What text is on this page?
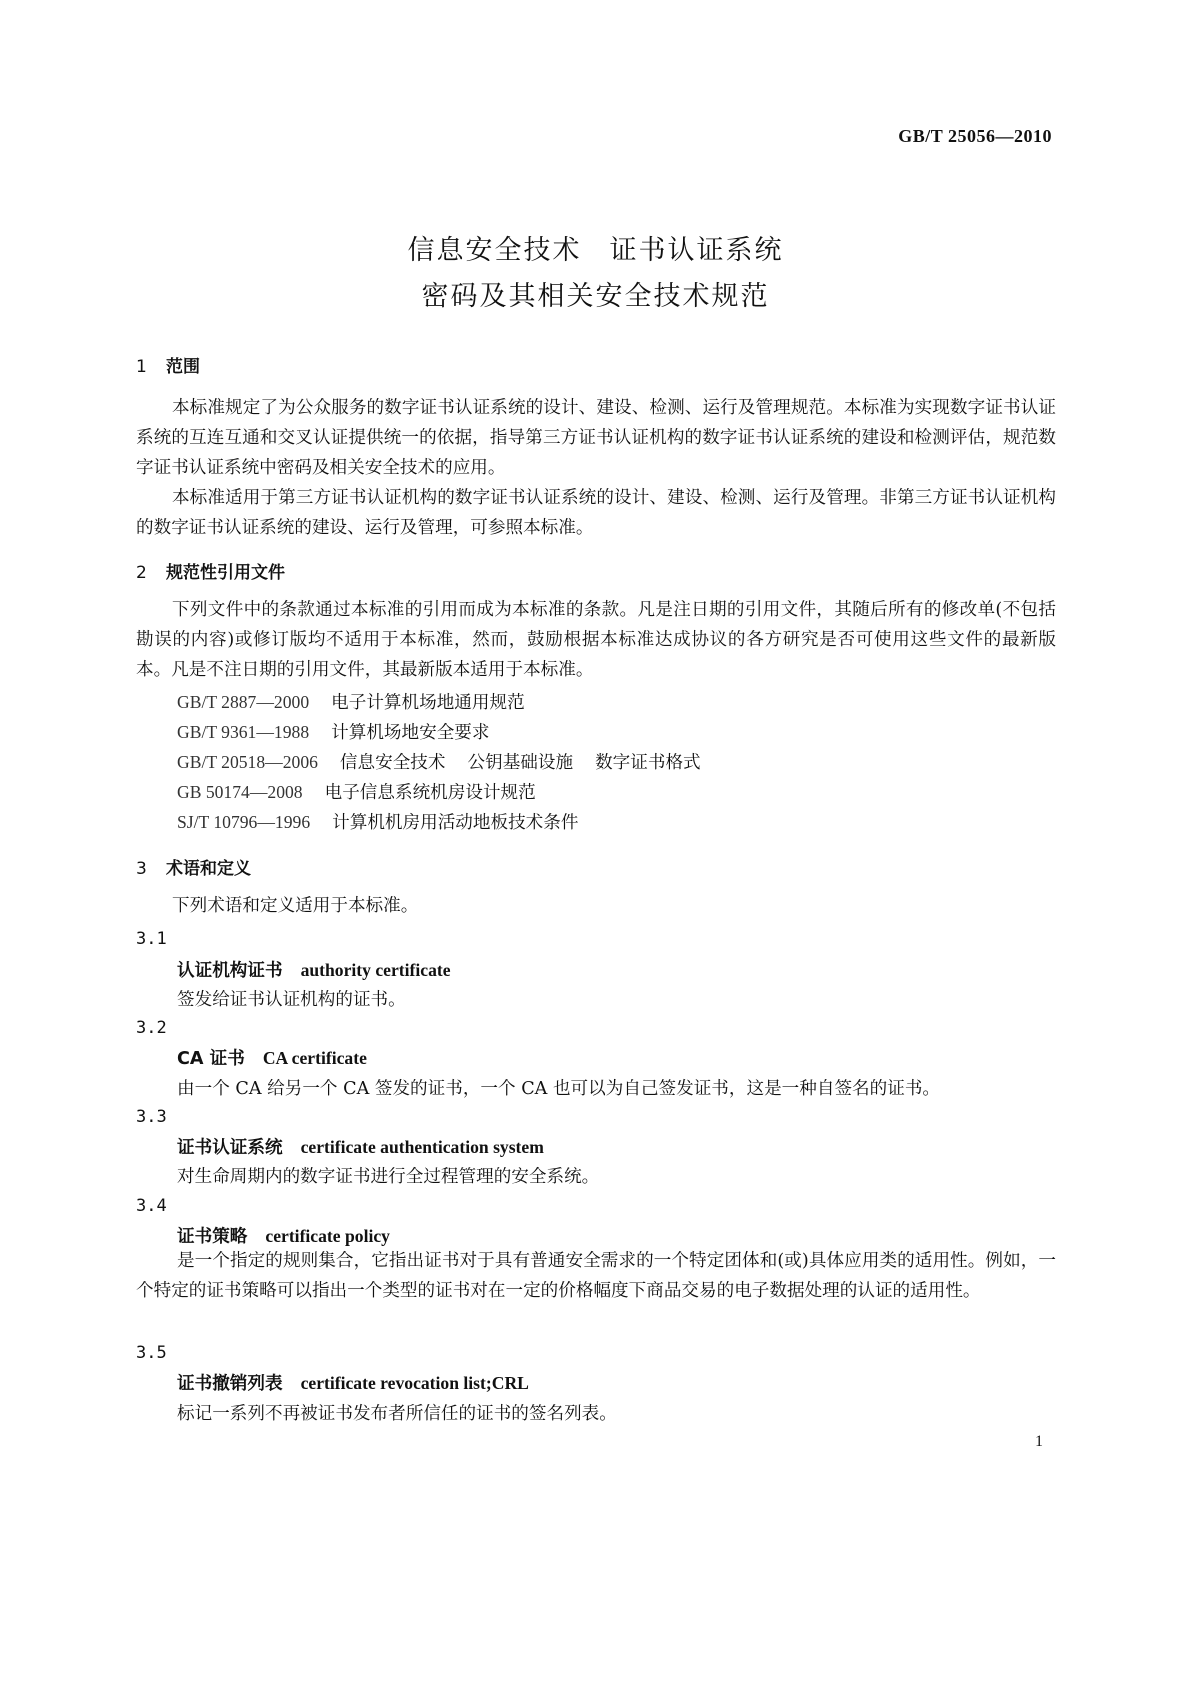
GB/T 25056—2010
信息安全技术 证书认证系统
密码及其相关安全技术规范
1 范围
本标准规定了为公众服务的数字证书认证系统的设计、建设、检测、运行及管理规范。本标准为实现数字证书认证系统的互连互通和交叉认证提供统一的依据，指导第三方证书认证机构的数字证书认证系统的建设和检测评估，规范数字证书认证系统中密码及相关安全技术的应用。
本标准适用于第三方证书认证机构的数字证书认证系统的设计、建设、检测、运行及管理。非第三方证书认证机构的数字证书认证系统的建设、运行及管理，可参照本标准。
2 规范性引用文件
下列文件中的条款通过本标准的引用而成为本标准的条款。凡是注日期的引用文件，其随后所有的修改单(不包括勘误的内容)或修订版均不适用于本标准，然而，鼓励根据本标准达成协议的各方研究是否可使用这些文件的最新版本。凡是不注日期的引用文件，其最新版本适用于本标准。
GB/T 2887—2000 电子计算机场地通用规范
GB/T 9361—1988 计算机场地安全要求
GB/T 20518—2006 信息安全技术 公钥基础设施 数字证书格式
GB 50174—2008 电子信息系统机房设计规范
SJ/T 10796—1996 计算机机房用活动地板技术条件
3 术语和定义
下列术语和定义适用于本标准。
3.1
认证机构证书 authority certificate
签发给证书认证机构的证书。
3.2
CA 证书 CA certificate
由一个 CA 给另一个 CA 签发的证书，一个 CA 也可以为自己签发证书，这是一种自签名的证书。
3.3
证书认证系统 certificate authentication system
对生命周期内的数字证书进行全过程管理的安全系统。
3.4
证书策略 certificate policy
是一个指定的规则集合，它指出证书对于具有普通安全需求的一个特定团体和(或)具体应用类的适用性。例如，一个特定的证书策略可以指出一个类型的证书对在一定的价格幅度下商品交易的电子数据处理的认证的适用性。
3.5
证书撤销列表 certificate revocation list;CRL
标记一系列不再被证书发布者所信任的证书的签名列表。
1
